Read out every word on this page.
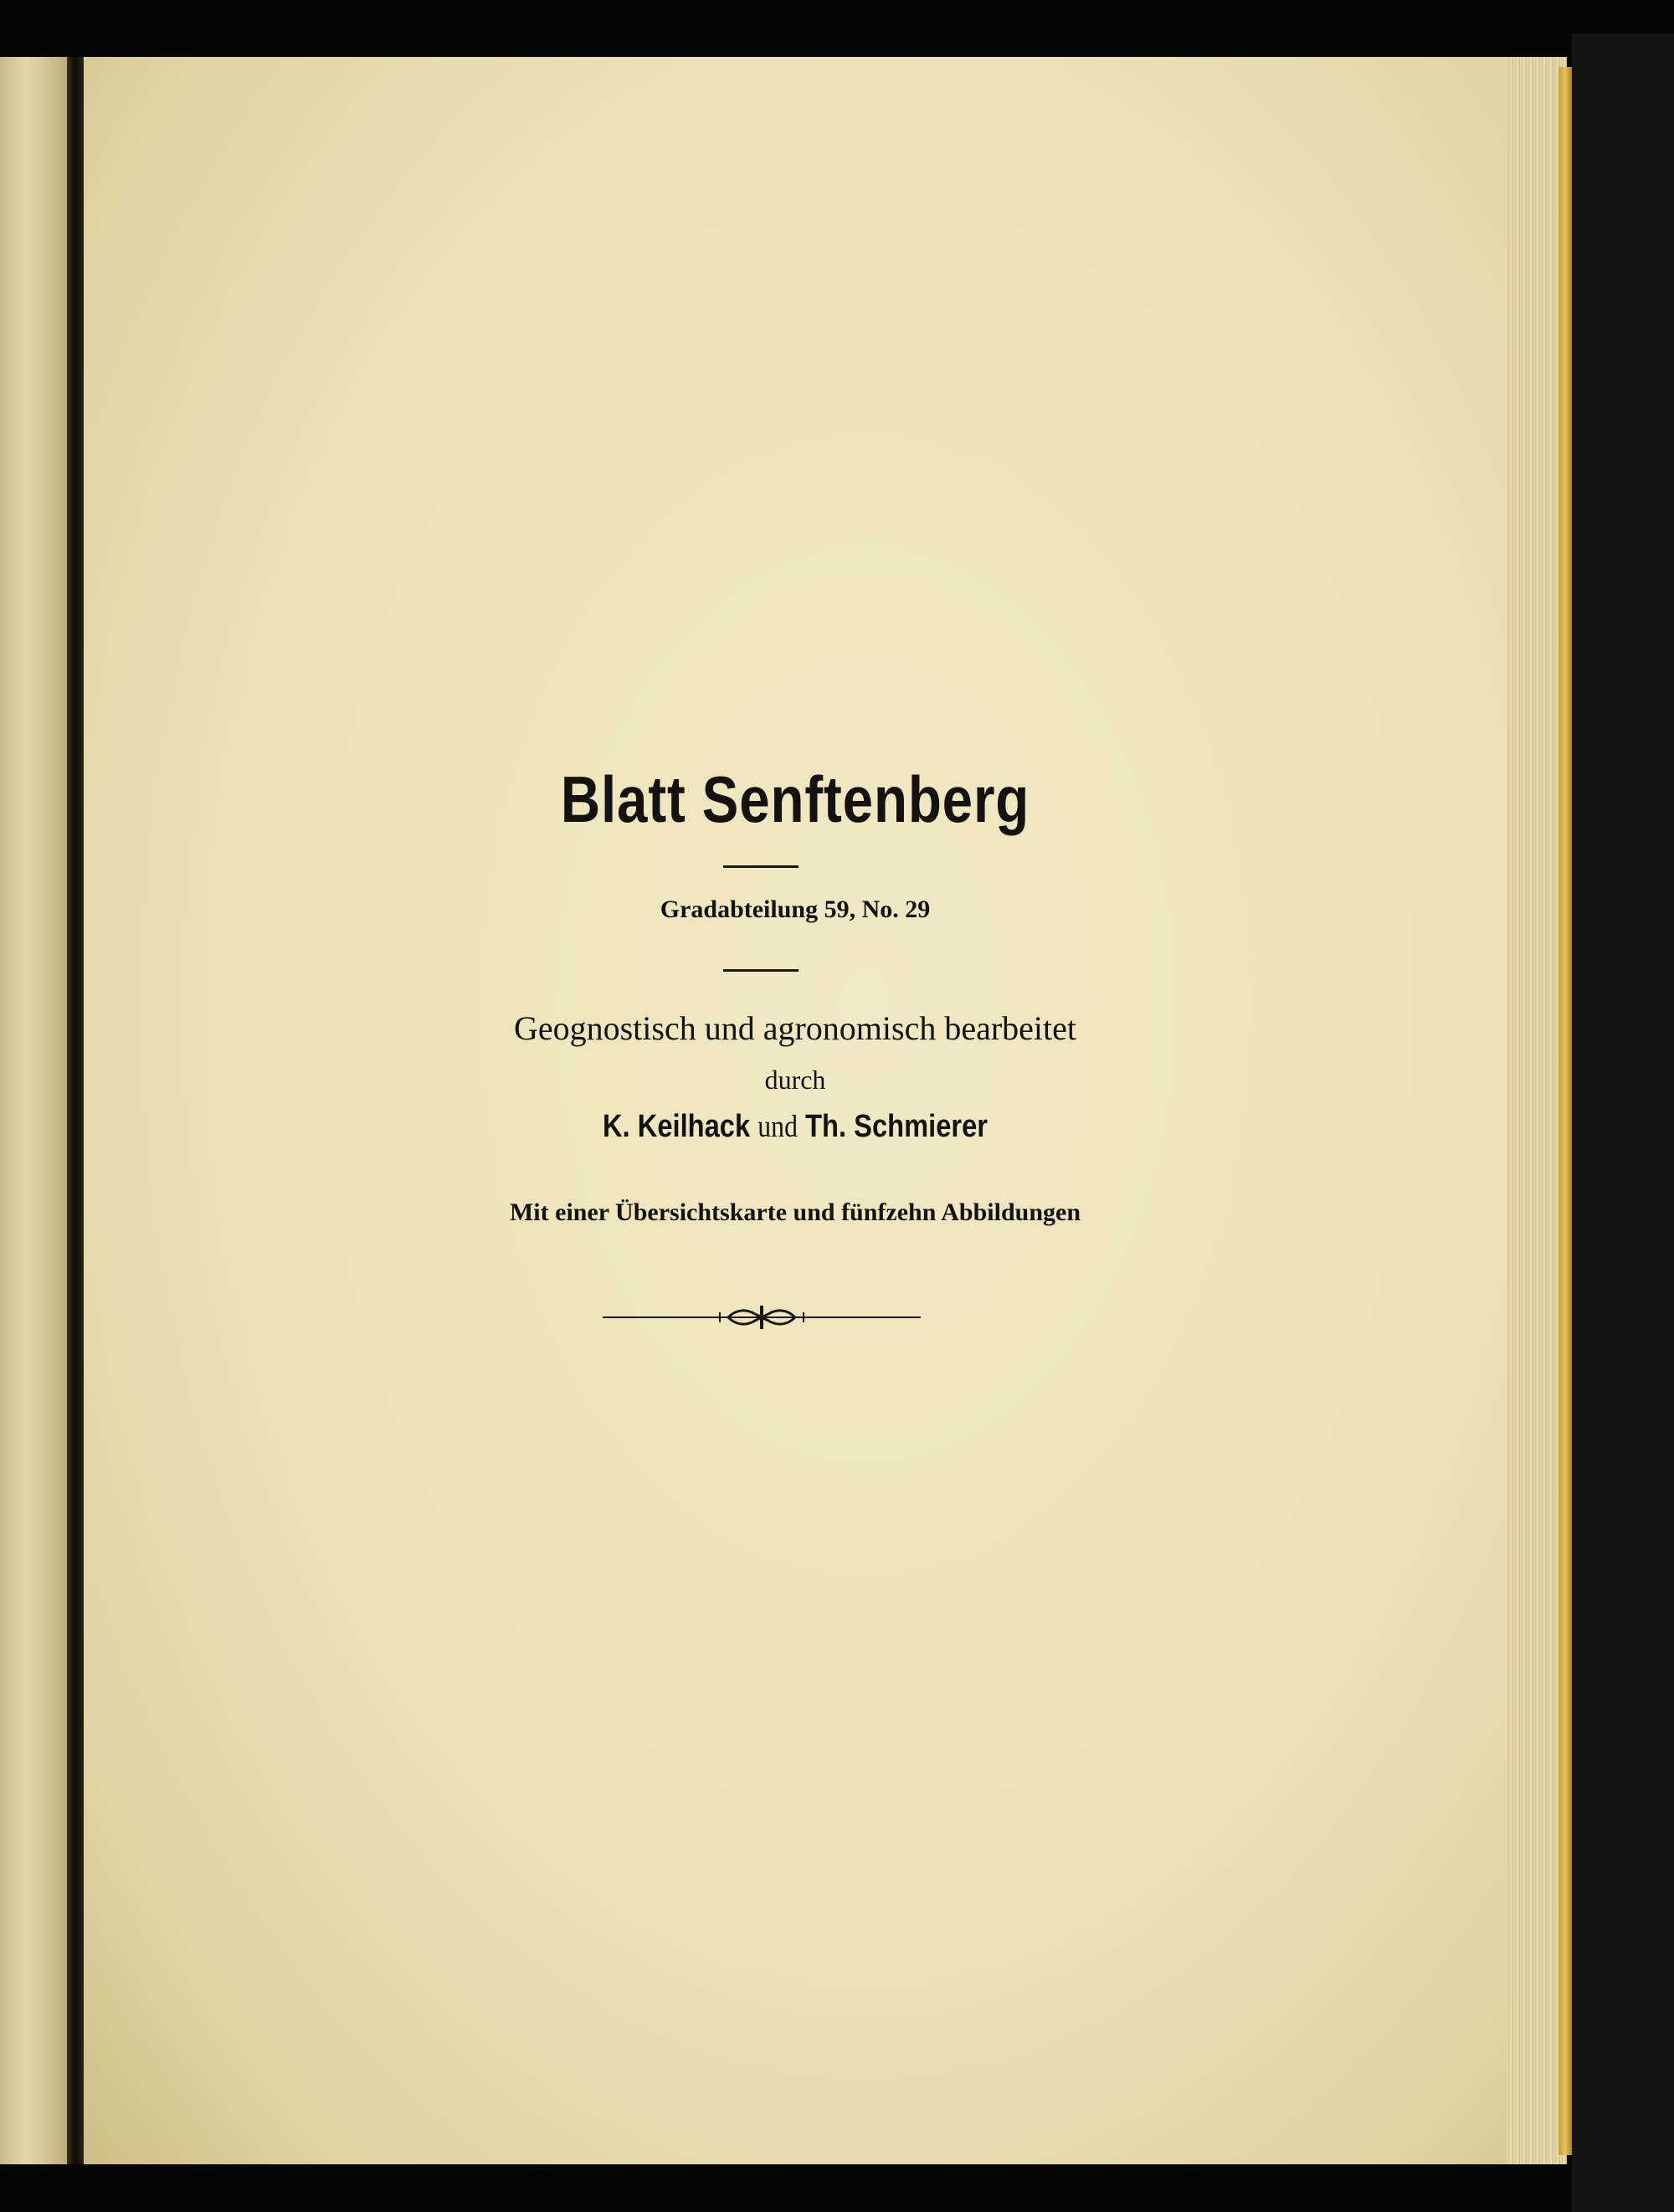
Blatt Senftenberg

Gradabteilung 59, No. 29

Geognostisch und agronomisch bearbeitet

durch

K. Keilhack und Th. Schmierer

Mit einer Übersichtskarte und fünfzehn Abbildungen
